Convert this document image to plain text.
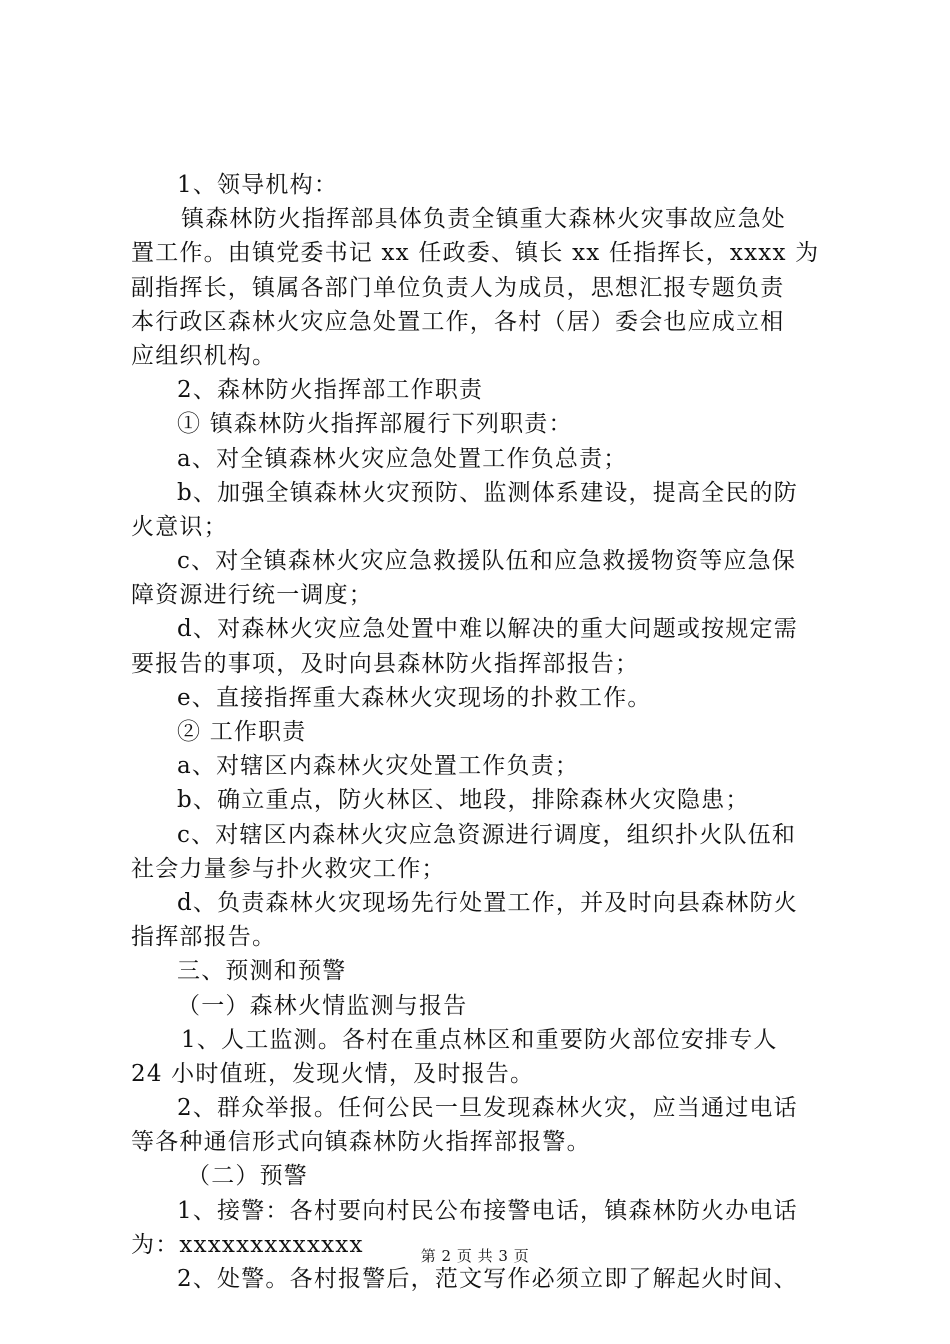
1、领导机构：
镇森林防火指挥部具体负责全镇重大森林火灾事故应急处
置工作。由镇党委书记 xx 任政委、镇长 xx 任指挥长，xxxx 为
副指挥长，镇属各部门单位负责人为成员，思想汇报专题负责
本行政区森林火灾应急处置工作，各村（居）委会也应成立相
应组织机构。
2、森林防火指挥部工作职责
① 镇森林防火指挥部履行下列职责：
a、对全镇森林火灾应急处置工作负总责；
b、加强全镇森林火灾预防、监测体系建设，提高全民的防
火意识；
c、对全镇森林火灾应急救援队伍和应急救援物资等应急保
障资源进行统一调度；
d、对森林火灾应急处置中难以解决的重大问题或按规定需
要报告的事项，及时向县森林防火指挥部报告；
e、直接指挥重大森林火灾现场的扑救工作。
② 工作职责
a、对辖区内森林火灾处置工作负责；
b、确立重点，防火林区、地段，排除森林火灾隐患；
c、对辖区内森林火灾应急资源进行调度，组织扑火队伍和
社会力量参与扑火救灾工作；
d、负责森林火灾现场先行处置工作，并及时向县森林防火
指挥部报告。
三、预测和预警
（一）森林火情监测与报告
1、人工监测。各村在重点林区和重要防火部位安排专人
24 小时值班，发现火情，及时报告。
2、群众举报。任何公民一旦发现森林火灾，应当通过电话
等各种通信形式向镇森林防火指挥部报警。
（二）预警
1、接警：各村要向村民公布接警电话，镇森林防火办电话
为：xxxxxxxxxxxxx
2、处警。各村报警后，范文写作必须立即了解起火时间、
第 2 页 共 3 页
